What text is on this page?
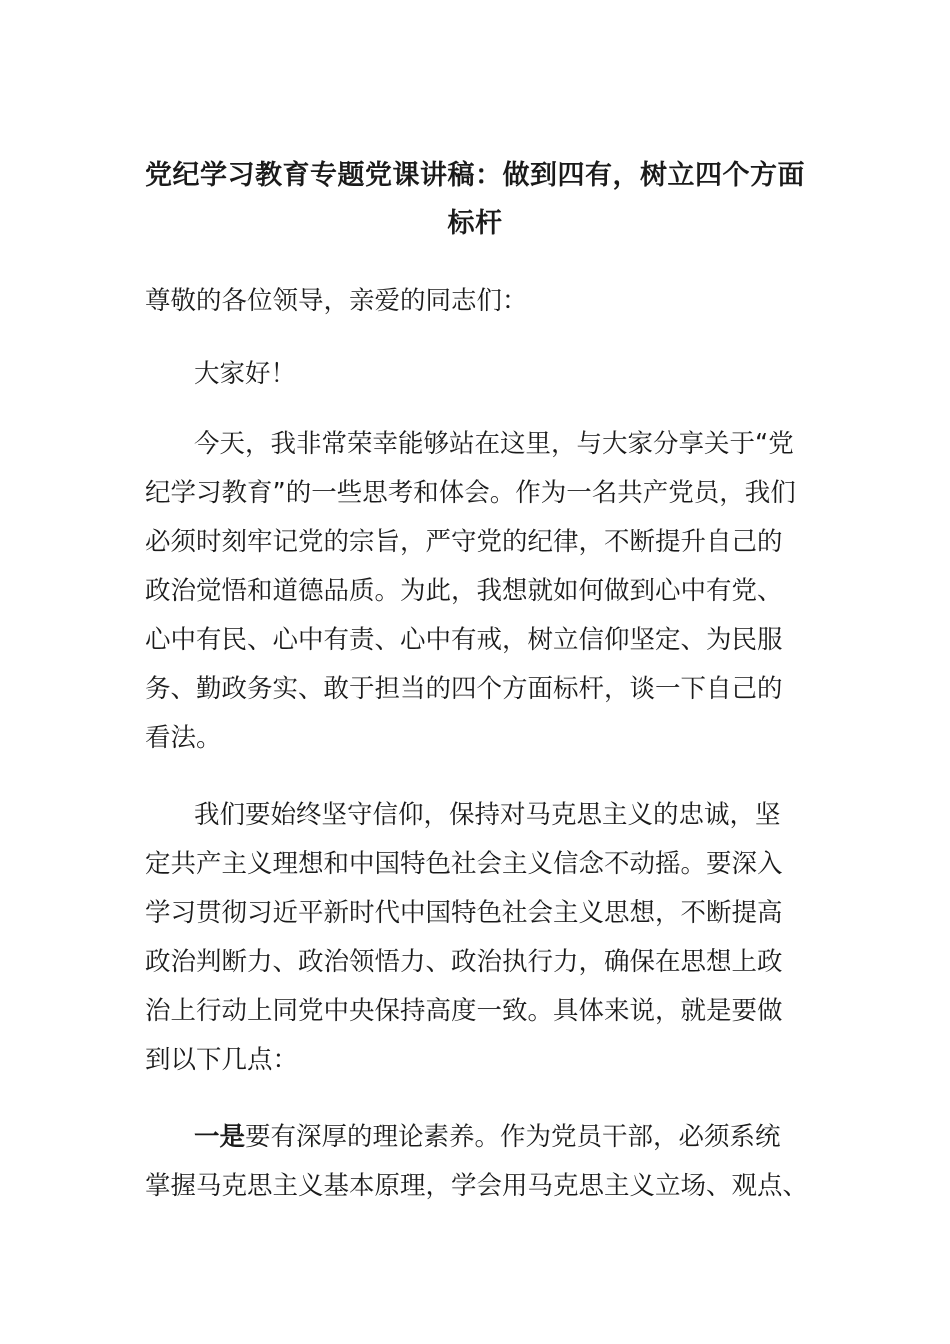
党纪学习教育专题党课讲稿：做到四有，树立四个方面标杆

尊敬的各位领导，亲爱的同志们：

大家好！

今天，我非常荣幸能够站在这里，与大家分享关于“党

纪学习教育”的一些思考和体会。作为一名共产党员，我们

必须时刻牢记党的宗旨，严守党的纪律，不断提升自己的

政治觉悟和道德品质。为此，我想就如何做到心中有党、

心中有民、心中有责、心中有戒，树立信仰坚定、为民服

务、勤政务实、敢于担当的四个方面标杆，谈一下自己的

看法。

我们要始终坚守信仰，保持对马克思主义的忠诚，坚

定共产主义理想和中国特色社会主义信念不动摇。要深入

学习贯彻习近平新时代中国特色社会主义思想，不断提高

政治判断力、政治领悟力、政治执行力，确保在思想上政

治上行动上同党中央保持高度一致。具体来说，就是要做

到以下几点：

一是要有深厚的理论素养。作为党员干部，必须系统

掌握马克思主义基本原理，学会用马克思主义立场、观点、
